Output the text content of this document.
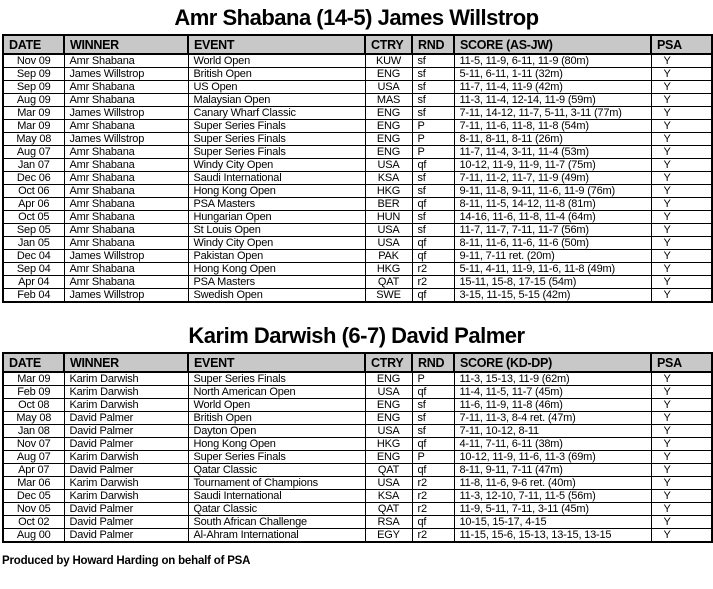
Amr Shabana (14-5) James Willstrop
DATE	WINNER	EVENT	CTRY	RND	SCORE (AS-JW)	PSA
Nov 09	Amr Shabana	World Open	KUW	sf	11-5, 11-9, 6-11, 11-9 (80m)	Y
Sep 09	James Willstrop	British Open	ENG	sf	5-11, 6-11, 1-11 (32m)	Y
Sep 09	Amr Shabana	US Open	USA	sf	11-7, 11-4, 11-9 (42m)	Y
Aug 09	Amr Shabana	Malaysian Open	MAS	sf	11-3, 11-4, 12-14, 11-9 (59m)	Y
Mar 09	James Willstrop	Canary Wharf Classic	ENG	sf	7-11, 14-12, 11-7, 5-11, 3-11 (77m)	Y
Mar 09	Amr Shabana	Super Series Finals	ENG	P	7-11, 11-6, 11-8, 11-8 (54m)	Y
May 08	James Willstrop	Super Series Finals	ENG	P	8-11, 8-11, 8-11 (26m)	Y
Aug 07	Amr Shabana	Super Series Finals	ENG	P	11-7, 11-4, 3-11, 11-4 (53m)	Y
Jan 07	Amr Shabana	Windy City Open	USA	qf	10-12, 11-9, 11-9, 11-7 (75m)	Y
Dec 06	Amr Shabana	Saudi International	KSA	sf	7-11, 11-2, 11-7, 11-9 (49m)	Y
Oct 06	Amr Shabana	Hong Kong Open	HKG	sf	9-11, 11-8, 9-11, 11-6, 11-9 (76m)	Y
Apr 06	Amr Shabana	PSA Masters	BER	qf	8-11, 11-5, 14-12, 11-8 (81m)	Y
Oct 05	Amr Shabana	Hungarian Open	HUN	sf	14-16, 11-6, 11-8, 11-4 (64m)	Y
Sep 05	Amr Shabana	St Louis Open	USA	sf	11-7, 11-7, 7-11, 11-7 (56m)	Y
Jan 05	Amr Shabana	Windy City Open	USA	qf	8-11, 11-6, 11-6, 11-6 (50m)	Y
Dec 04	James Willstrop	Pakistan Open	PAK	qf	9-11, 7-11 ret. (20m)	Y
Sep 04	Amr Shabana	Hong Kong Open	HKG	r2	5-11, 4-11, 11-9, 11-6, 11-8 (49m)	Y
Apr 04	Amr Shabana	PSA Masters	QAT	r2	15-11, 15-8, 17-15 (54m)	Y
Feb 04	James Willstrop	Swedish Open	SWE	qf	3-15, 11-15, 5-15 (42m)	Y
Karim Darwish (6-7) David Palmer
DATE	WINNER	EVENT	CTRY	RND	SCORE (KD-DP)	PSA
Mar 09	Karim Darwish	Super Series Finals	ENG	P	11-3, 15-13, 11-9 (62m)	Y
Feb 09	Karim Darwish	North American Open	USA	qf	11-4, 11-5, 11-7 (45m)	Y
Oct 08	Karim Darwish	World Open	ENG	sf	11-6, 11-9, 11-8 (46m)	Y
May 08	David Palmer	British Open	ENG	sf	7-11, 11-3, 8-4 ret. (47m)	Y
Jan 08	David Palmer	Dayton Open	USA	sf	7-11, 10-12, 8-11	Y
Nov 07	David Palmer	Hong Kong Open	HKG	qf	4-11, 7-11, 6-11 (38m)	Y
Aug 07	Karim Darwish	Super Series Finals	ENG	P	10-12, 11-9, 11-6, 11-3 (69m)	Y
Apr 07	David Palmer	Qatar Classic	QAT	qf	8-11, 9-11, 7-11 (47m)	Y
Mar 06	Karim Darwish	Tournament of Champions	USA	r2	11-8, 11-6, 9-6 ret. (40m)	Y
Dec 05	Karim Darwish	Saudi International	KSA	r2	11-3, 12-10, 7-11, 11-5 (56m)	Y
Nov 05	David Palmer	Qatar Classic	QAT	r2	11-9, 5-11, 7-11, 3-11 (45m)	Y
Oct 02	David Palmer	South African Challenge	RSA	qf	10-15, 15-17, 4-15	Y
Aug 00	David Palmer	Al-Ahram International	EGY	r2	11-15, 15-6, 15-13, 13-15, 13-15	Y

Produced by Howard Harding on behalf of PSA
